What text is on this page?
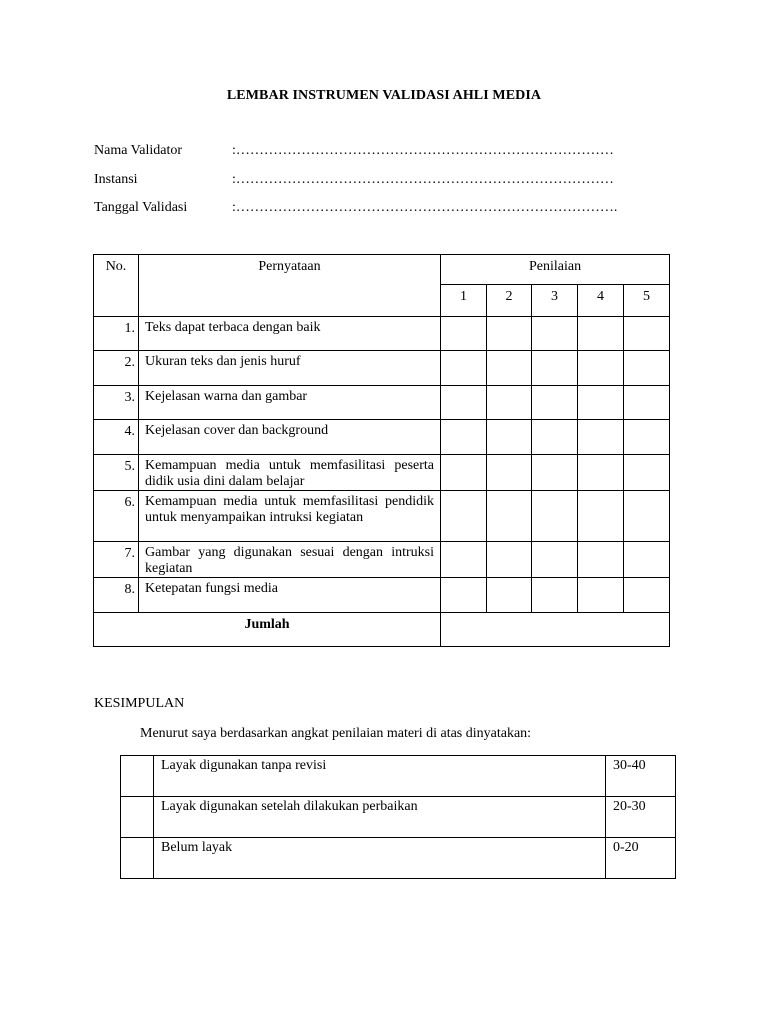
LEMBAR INSTRUMEN VALIDASI AHLI MEDIA
Nama Validator	:………………………………………………………………………
Instansi	:………………………………………………………………………
Tanggal Validasi	:……………………………………………………………………….
No.	Pernyataan	Penilaian				
		1	2	3	4	5
1.	Teks dapat terbaca dengan baik					
2.	Ukuran teks dan jenis huruf					
3.	Kejelasan warna dan gambar					
4.	Kejelasan cover dan background					
5.	Kemampuan media untuk memfasilitasi peserta didik usia dini dalam belajar					
6.	Kemampuan media untuk memfasilitasi pendidik untuk menyampaikan intruksi kegiatan					
7.	Gambar yang digunakan sesuai dengan intruksi kegiatan					
8.	Ketepatan fungsi media					
Jumlah						
KESIMPULAN
Menurut saya berdasarkan angkat penilaian materi di atas dinyatakan:
	Layak digunakan tanpa revisi	30-40
	Layak digunakan setelah dilakukan perbaikan	20-30
	Belum layak	0-20
